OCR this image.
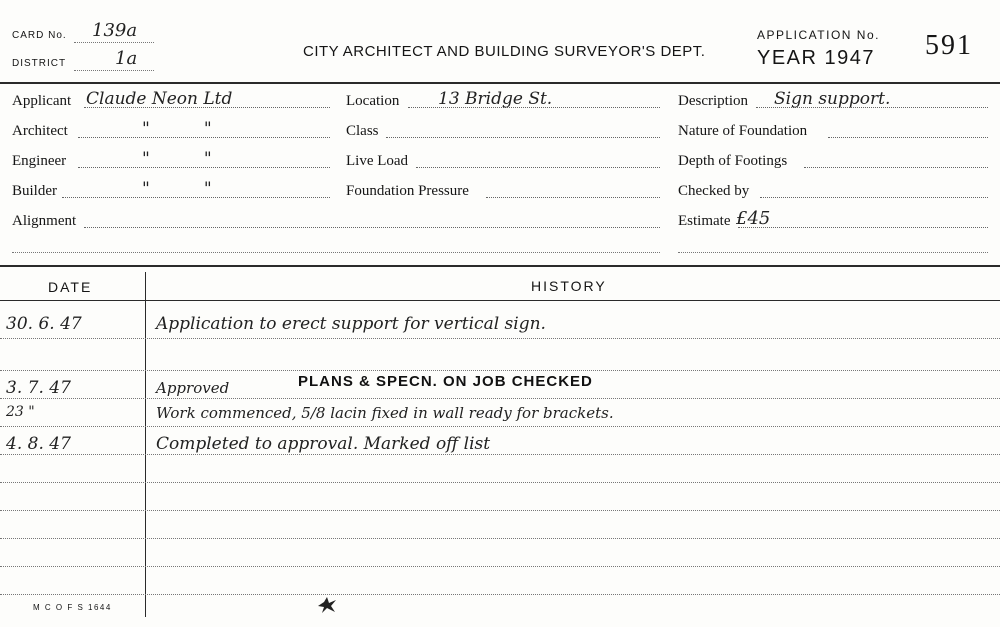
CARD No. 139a
DISTRICT	1a	CITY ARCHITECT AND BUILDING SURVEYOR'S DEPT.
APPLICATION No.
YEAR 1947 591
Applicant Claude Neon Ltd
Architect	"          "
Engineer	"          "
Builder	"          "
Alignment
Location 13 Bridge St.
Class
Live Load
Foundation Pressure
Description Sign support.
Nature of Foundation
Depth of Footings
Checked by
Estimate £45
DATE	HISTORY
30. 6. 47	Application to erect support for vertical sign.
3. 7. 47	Approved	PLANS & SPECN. ON JOB CHECKED
23 "	Work commenced, 5/8 lacin fixed in wall ready for brackets.
4. 8. 47	Completed to approval. Marked off list
M C O F S 1644
